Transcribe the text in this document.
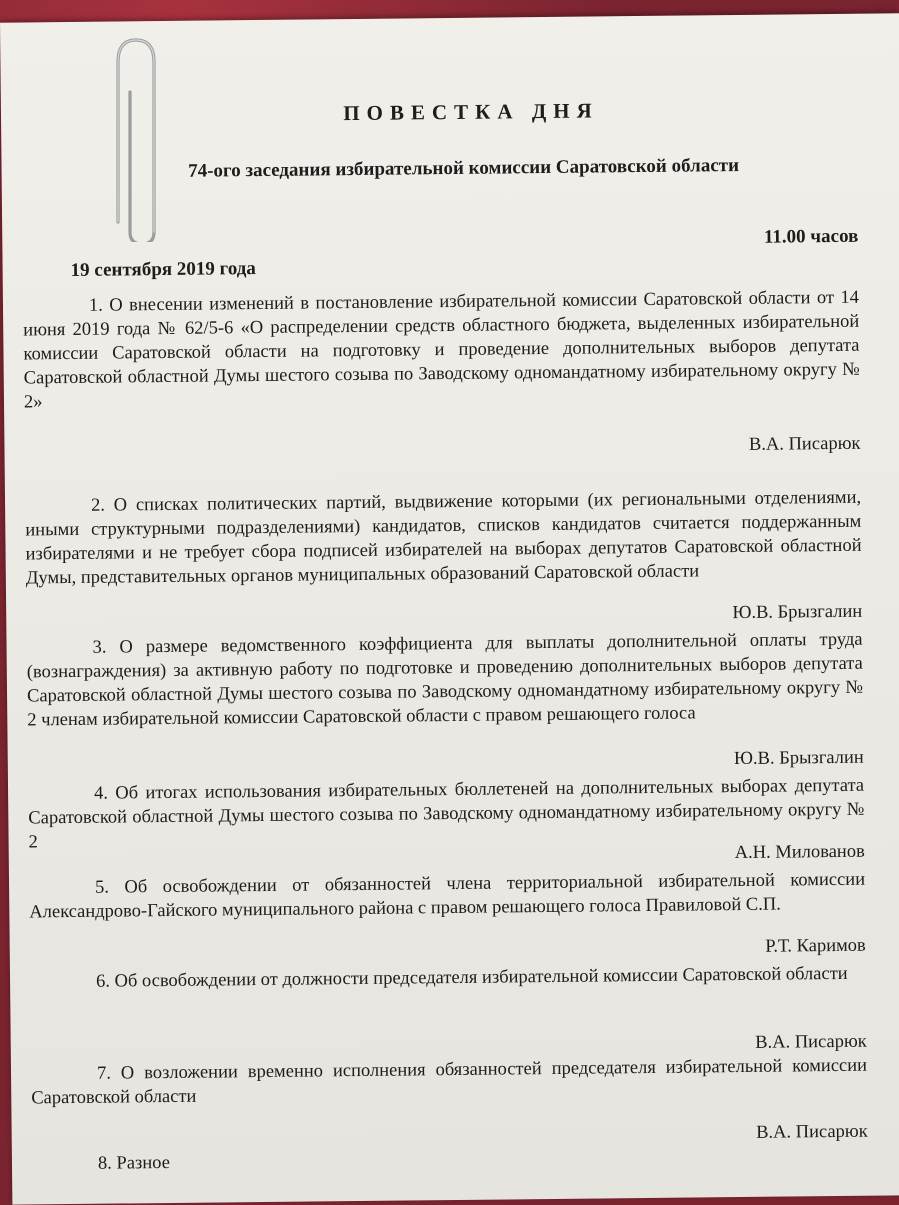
ПОВЕСТКА ДНЯ
74-ого заседания избирательной комиссии Саратовской области
11.00 часов
19 сентября 2019 года
1. О внесении изменений в постановление избирательной комиссии Саратовской области от 14 июня 2019 года № 62/5-6 «О распределении средств областного бюджета, выделенных избирательной комиссии Саратовской области на подготовку и проведение дополнительных выборов депутата Саратовской областной Думы шестого созыва по Заводскому одномандатному избирательному округу № 2»
В.А. Писарюк
2. О списках политических партий, выдвижение которыми (их региональными отделениями, иными структурными подразделениями) кандидатов, списков кандидатов считается поддержанным избирателями и не требует сбора подписей избирателей на выборах депутатов Саратовской областной Думы, представительных органов муниципальных образований Саратовской области
Ю.В. Брызгалин
3. О размере ведомственного коэффициента для выплаты дополнительной оплаты труда (вознаграждения) за активную работу по подготовке и проведению дополнительных выборов депутата Саратовской областной Думы шестого созыва по Заводскому одномандатному избирательному округу № 2 членам избирательной комиссии Саратовской области с правом решающего голоса
Ю.В. Брызгалин
4. Об итогах использования избирательных бюллетеней на дополнительных выборах депутата Саратовской областной Думы шестого созыва по Заводскому одномандатному избирательному округу № 2	А.Н. Милованов
5. Об освобождении от обязанностей члена территориальной избирательной комиссии Александрово-Гайского муниципального района с правом решающего голоса Правиловой С.П.
Р.Т. Каримов
6. Об освобождении от должности председателя избирательной комиссии Саратовской области
В.А. Писарюк
7. О возложении временно исполнения обязанностей председателя избирательной комиссии Саратовской области
В.А. Писарюк
8. Разное
